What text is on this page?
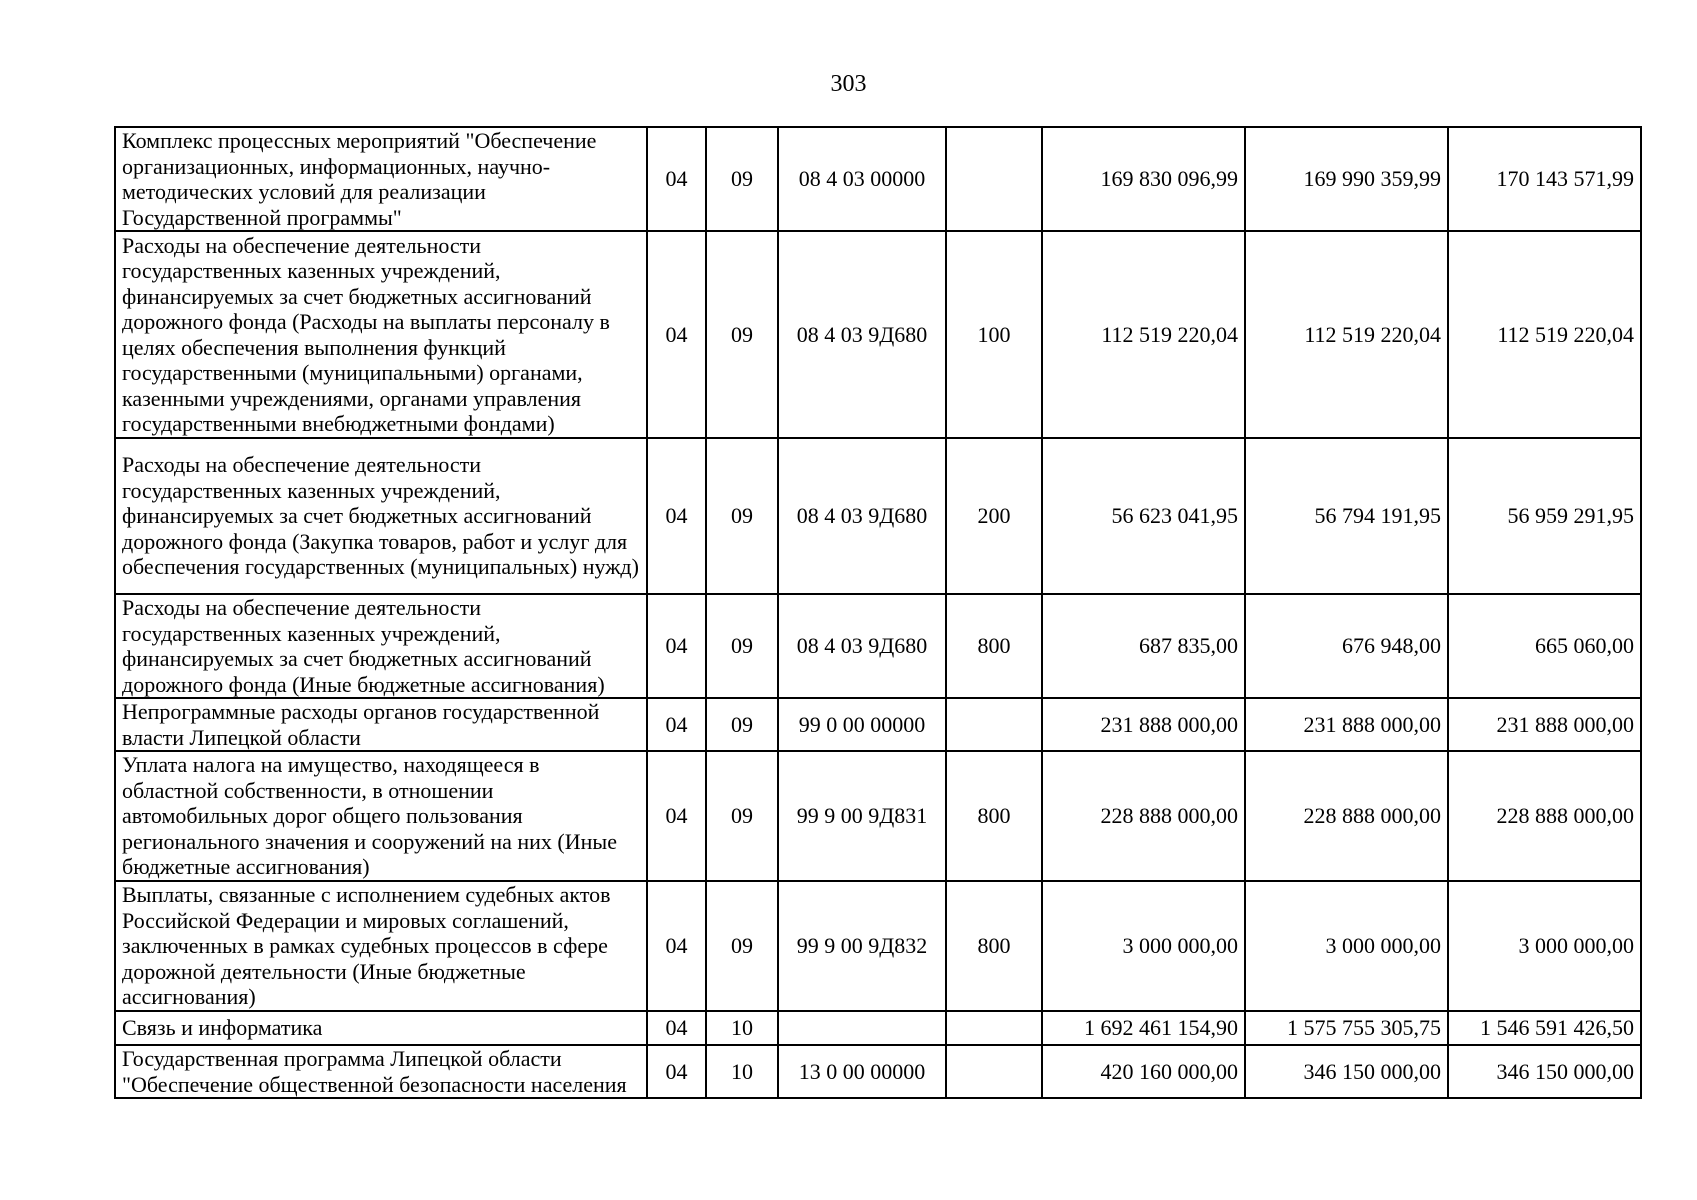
303
Комплекс процессных мероприятий "Обеспечение организационных, информационных, научно-методических условий для реализации Государственной программы"	04	09	08 4 03 00000		169 830 096,99	169 990 359,99	170 143 571,99
Расходы на обеспечение деятельности государственных казенных учреждений, финансируемых за счет бюджетных ассигнований дорожного фонда (Расходы на выплаты персоналу в целях обеспечения выполнения функций государственными (муниципальными) органами, казенными учреждениями, органами управления государственными внебюджетными фондами)	04	09	08 4 03 9Д680	100	112 519 220,04	112 519 220,04	112 519 220,04
Расходы на обеспечение деятельности государственных казенных учреждений, финансируемых за счет бюджетных ассигнований дорожного фонда (Закупка товаров, работ и услуг для обеспечения государственных (муниципальных) нужд)	04	09	08 4 03 9Д680	200	56 623 041,95	56 794 191,95	56 959 291,95
Расходы на обеспечение деятельности государственных казенных учреждений, финансируемых за счет бюджетных ассигнований дорожного фонда (Иные бюджетные ассигнования)	04	09	08 4 03 9Д680	800	687 835,00	676 948,00	665 060,00
Непрограммные расходы органов государственной власти Липецкой области	04	09	99 0 00 00000		231 888 000,00	231 888 000,00	231 888 000,00
Уплата налога на имущество, находящееся в областной собственности, в отношении автомобильных дорог общего пользования регионального значения и сооружений на них (Иные бюджетные ассигнования)	04	09	99 9 00 9Д831	800	228 888 000,00	228 888 000,00	228 888 000,00
Выплаты, связанные с исполнением судебных актов Российской Федерации и мировых соглашений, заключенных в рамках судебных процессов в сфере дорожной деятельности (Иные бюджетные ассигнования)	04	09	99 9 00 9Д832	800	3 000 000,00	3 000 000,00	3 000 000,00
Связь и информатика	04	10			1 692 461 154,90	1 575 755 305,75	1 546 591 426,50
Государственная программа Липецкой области "Обеспечение общественной безопасности населения	04	10	13 0 00 00000		420 160 000,00	346 150 000,00	346 150 000,00
